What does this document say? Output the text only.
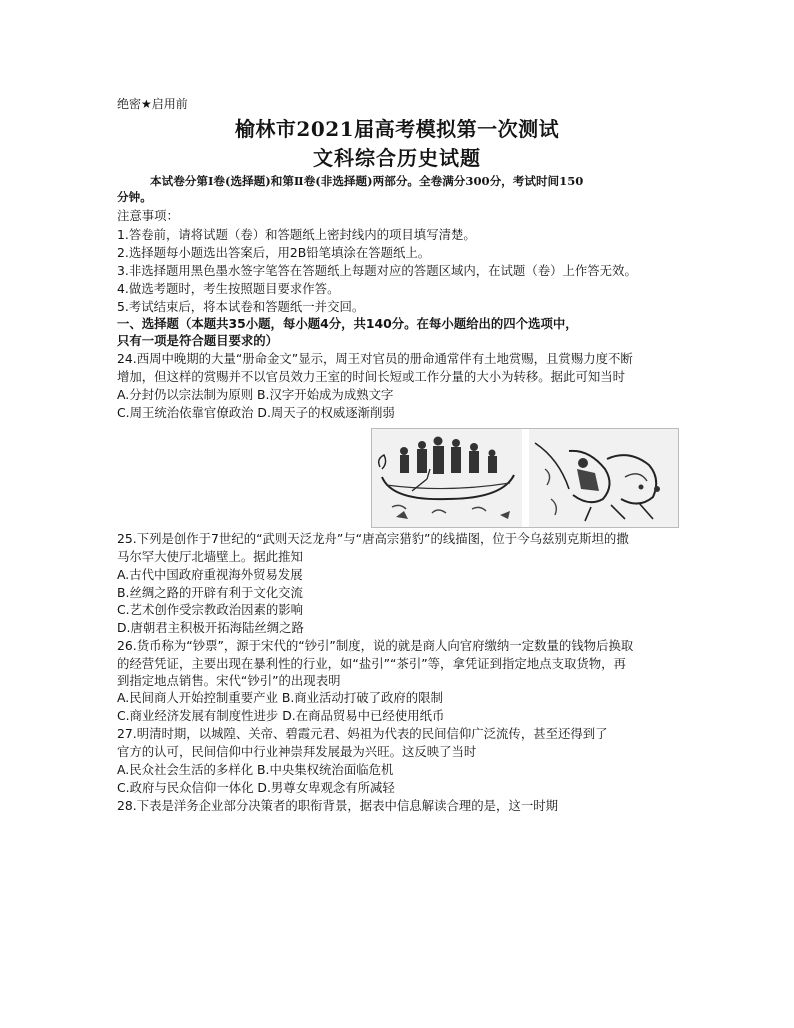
绝密★启用前
榆林市2021届高考模拟第一次测试
文科综合历史试题
本试卷分第Ⅰ卷(选择题)和第Ⅱ卷(非选择题)两部分。全卷满分300分，考试时间150
分钟。
注意事项：
1.答卷前，请将试题（卷）和答题纸上密封线内的项目填写清楚。
2.选择题每小题选出答案后，用2B铅笔填涂在答题纸上。
3.非选择题用黑色墨水签字笔答在答题纸上每题对应的答题区域内，在试题（卷）上作答无效。
4.做选考题时，考生按照题目要求作答。
5.考试结束后，将本试卷和答题纸一并交回。
一、选择题（本题共35小题，每小题4分，共140分。在每小题给出的四个选项中，
只有一项是符合题目要求的）
24.西周中晚期的大量“册命金文”显示，周王对官员的册命通常伴有土地赏赐，且赏赐力度不断
增加，但这样的赏赐并不以官员效力王室的时间长短或工作分量的大小为转移。据此可知当时
A.分封仍以宗法制为原则 B.汉字开始成为成熟文字
C.周王统治依靠官僚政治 D.周天子的权威逐渐削弱
25.下列是创作于7世纪的“武则天泛龙舟”与“唐高宗猎豹”的线描图，位于今乌兹别克斯坦的撒
马尔罕大使厅北墙壁上。据此推知
A.古代中国政府重视海外贸易发展
B.丝绸之路的开辟有利于文化交流
C.艺术创作受宗教政治因素的影响
D.唐朝君主积极开拓海陆丝绸之路
26.货币称为“钞票”，源于宋代的“钞引”制度，说的就是商人向官府缴纳一定数量的钱物后换取
的经营凭证，主要出现在暴利性的行业，如“盐引”“茶引”等，拿凭证到指定地点支取货物，再
到指定地点销售。宋代“钞引”的出现表明
A.民间商人开始控制重要产业 B.商业活动打破了政府的限制
C.商业经济发展有制度性进步 D.在商品贸易中已经使用纸币
27.明清时期，以城隍、关帝、碧霞元君、妈祖为代表的民间信仰广泛流传，甚至还得到了
官方的认可，民间信仰中行业神崇拜发展最为兴旺。这反映了当时
A.民众社会生活的多样化 B.中央集权统治面临危机
C.政府与民众信仰一体化 D.男尊女卑观念有所减轻
28.下表是洋务企业部分决策者的职衔背景，据表中信息解读合理的是，这一时期
